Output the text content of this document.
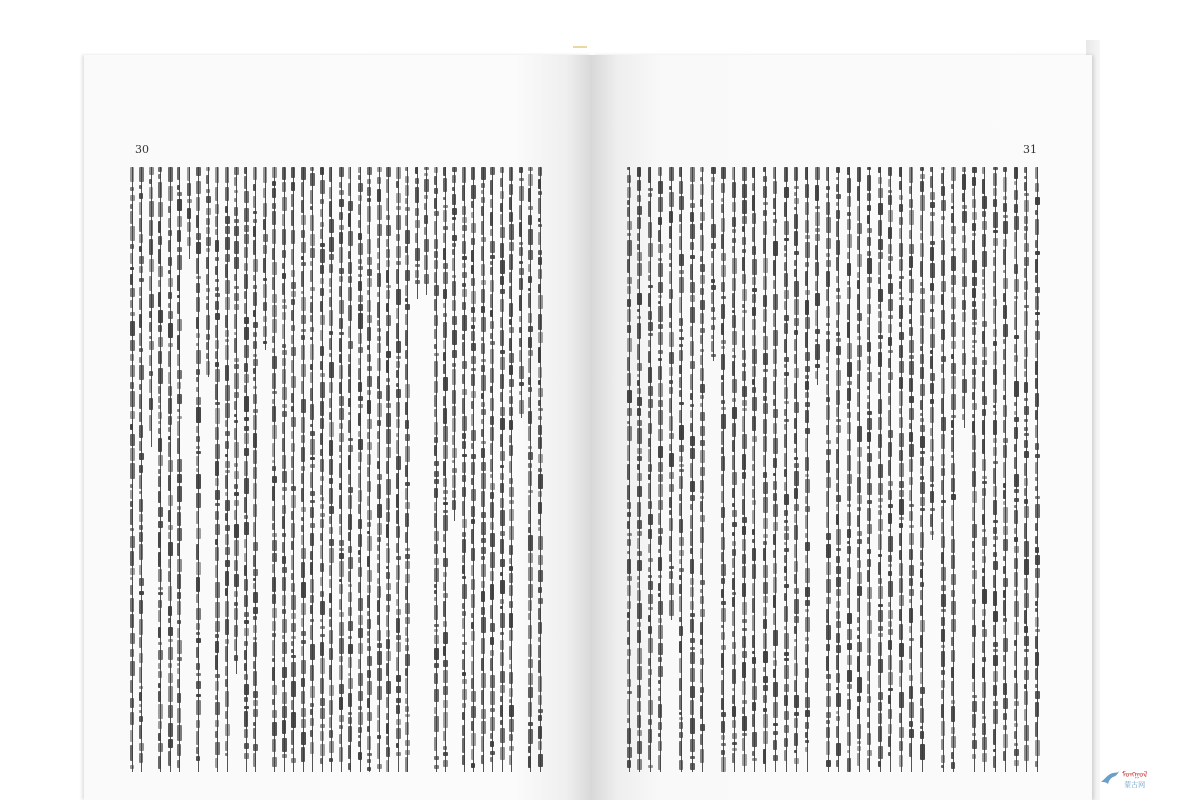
30	31
ᠮᠣᠩᠭᠣᠯ
蒙古网
